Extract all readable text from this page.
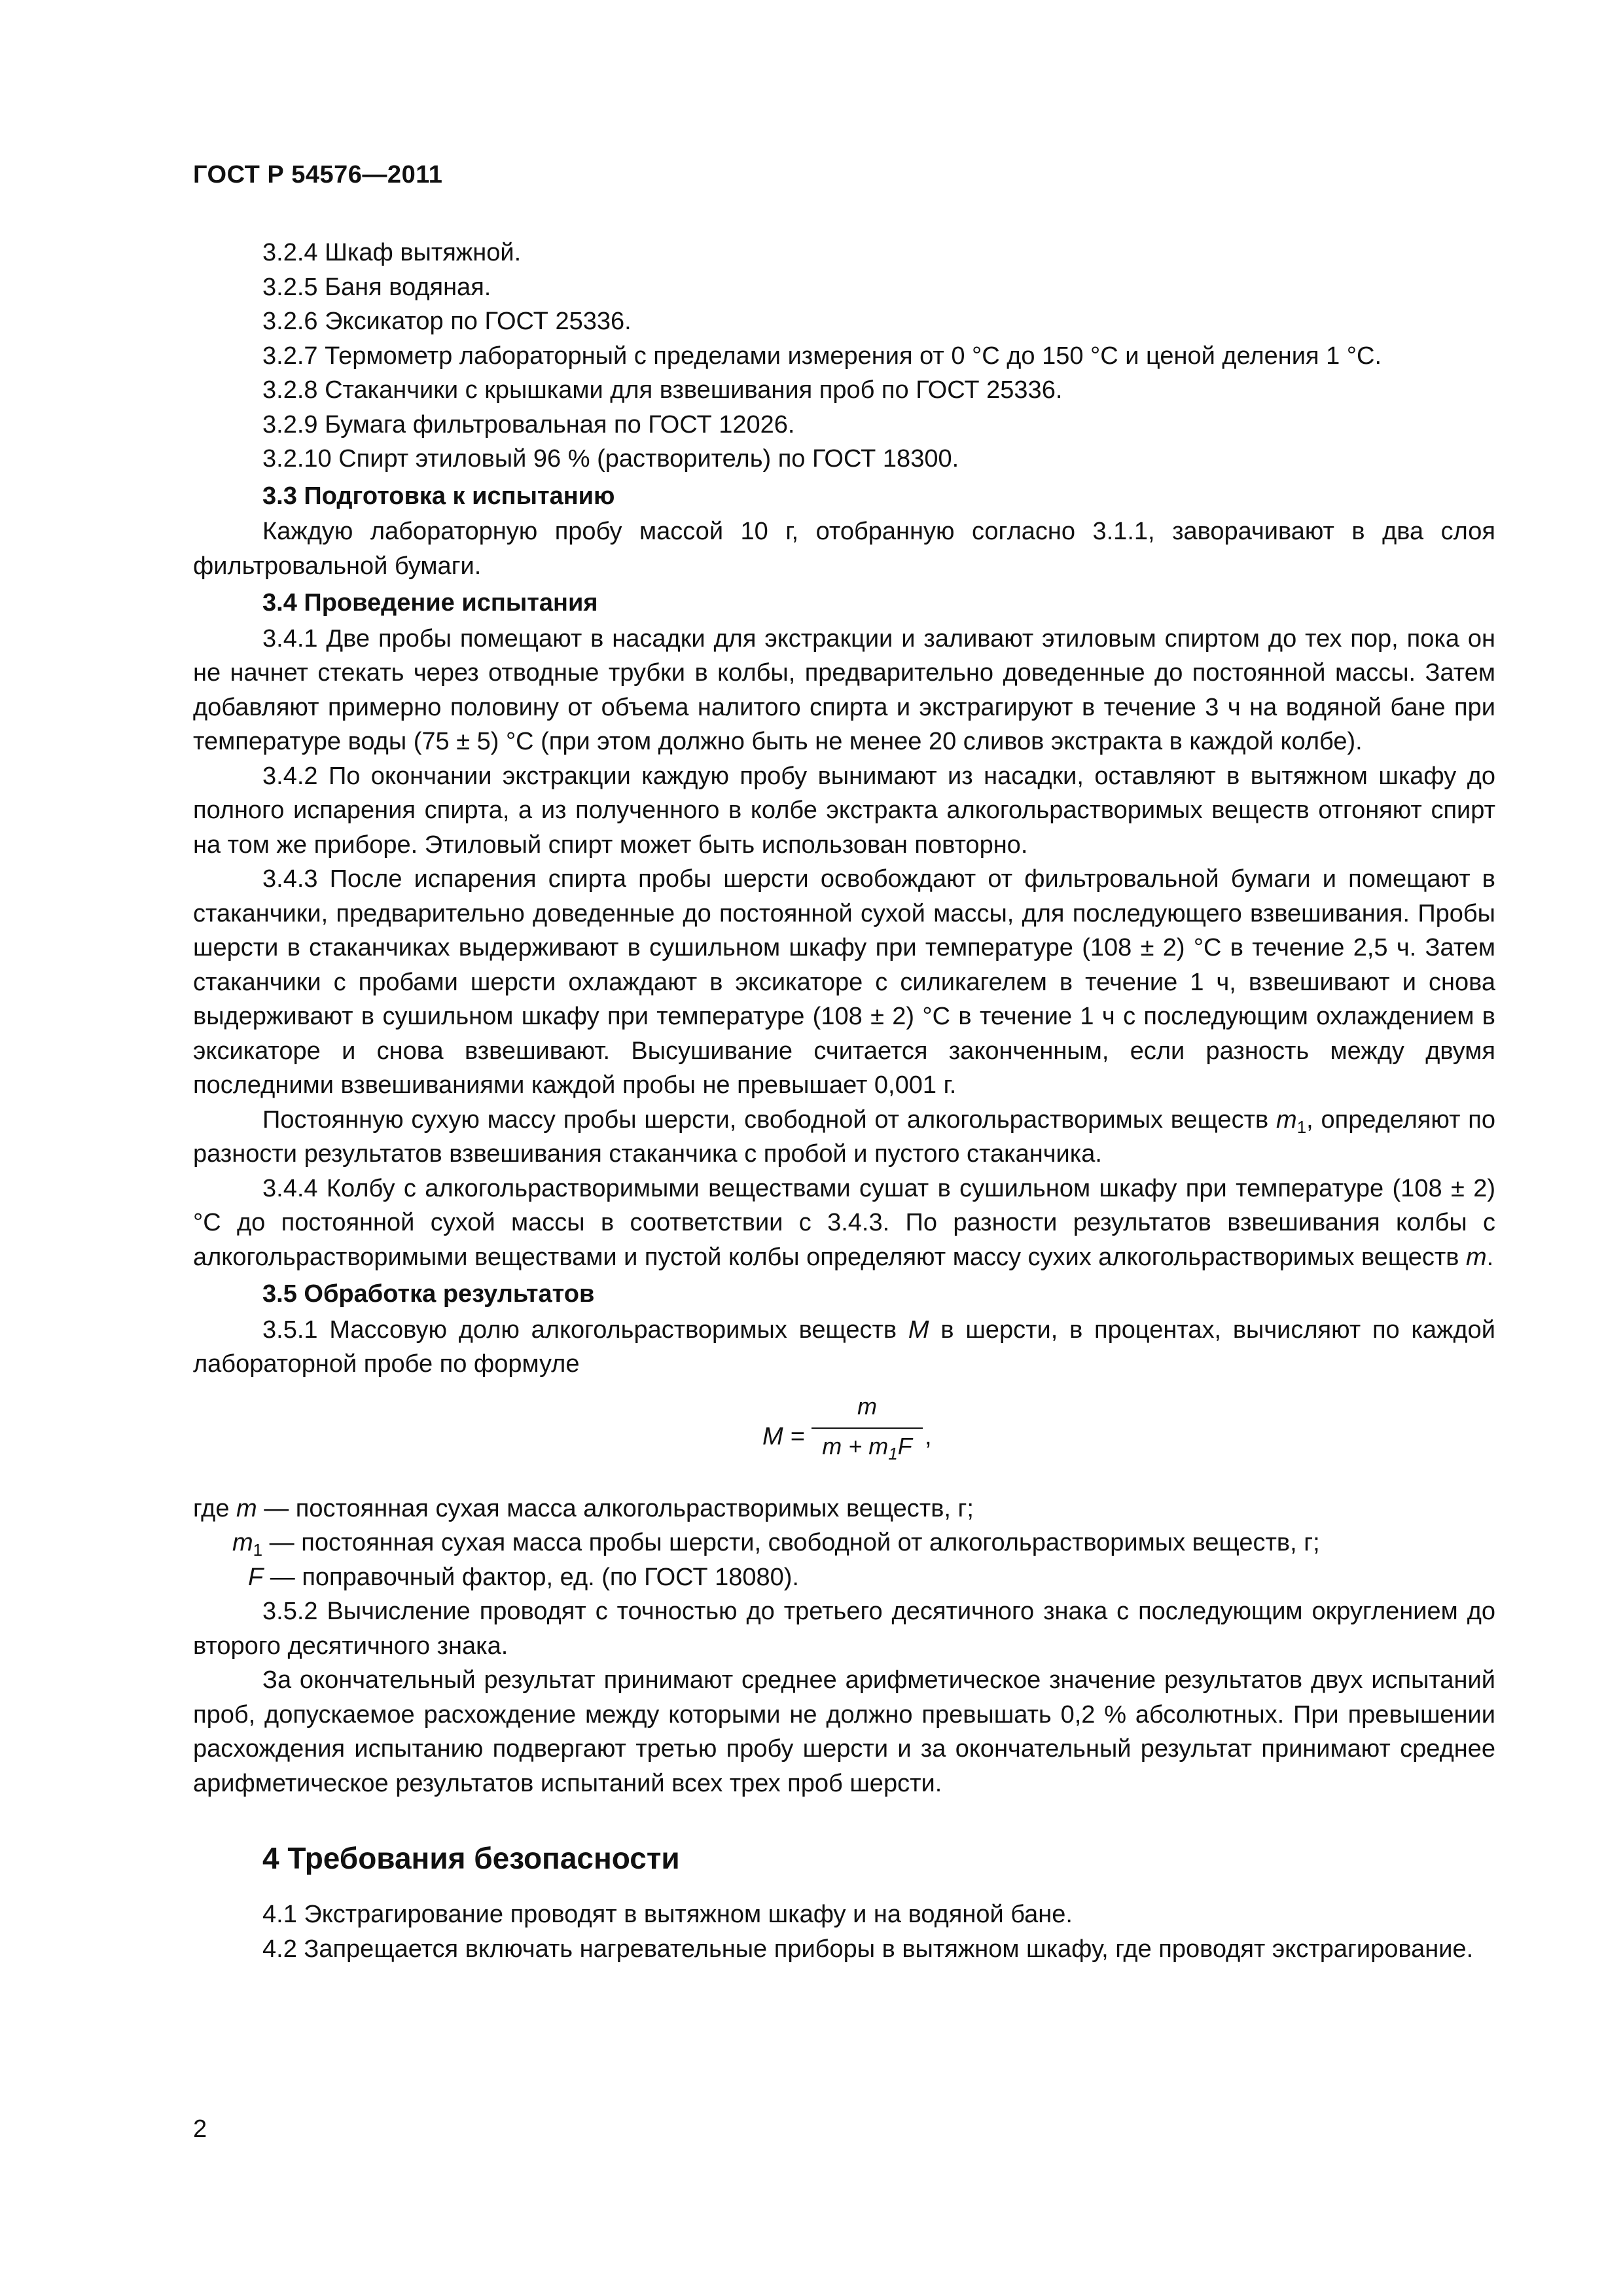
ГОСТ Р 54576—2011

3.2.4 Шкаф вытяжной.

3.2.5 Баня водяная.

3.2.6 Эксикатор по ГОСТ 25336.

3.2.7 Термометр лабораторный с пределами измерения от 0 °С до 150 °С и ценой деления 1 °С.

3.2.8 Стаканчики с крышками для взвешивания проб по ГОСТ 25336.

3.2.9 Бумага фильтровальная по ГОСТ 12026.

3.2.10 Спирт этиловый 96 % (растворитель) по ГОСТ 18300.

3.3 Подготовка к испытанию

Каждую лабораторную пробу массой 10 г, отобранную согласно 3.1.1, заворачивают в два слоя фильтровальной бумаги.

3.4 Проведение испытания

3.4.1 Две пробы помещают в насадки для экстракции и заливают этиловым спиртом до тех пор, пока он не начнет стекать через отводные трубки в колбы, предварительно доведенные до постоянной массы. Затем добавляют примерно половину от объема налитого спирта и экстрагируют в течение 3 ч на водяной бане при температуре воды (75 ± 5) °С (при этом должно быть не менее 20 сливов экстракта в каждой колбе).

3.4.2 По окончании экстракции каждую пробу вынимают из насадки, оставляют в вытяжном шкафу до полного испарения спирта, а из полученного в колбе экстракта алкогольрастворимых веществ отгоняют спирт на том же приборе. Этиловый спирт может быть использован повторно.

3.4.3 После испарения спирта пробы шерсти освобождают от фильтровальной бумаги и помещают в стаканчики, предварительно доведенные до постоянной сухой массы, для последующего взвешивания. Пробы шерсти в стаканчиках выдерживают в сушильном шкафу при температуре (108 ± 2) °С в течение 2,5 ч. Затем стаканчики с пробами шерсти охлаждают в эксикаторе с силикагелем в течение 1 ч, взвешивают и снова выдерживают в сушильном шкафу при температуре (108 ± 2) °С в течение 1 ч с последующим охлаждением в эксикаторе и снова взвешивают. Высушивание считается законченным, если разность между двумя последними взвешиваниями каждой пробы не превышает 0,001 г.

Постоянную сухую массу пробы шерсти, свободной от алкогольрастворимых веществ $m_1$, определяют по разности результатов взвешивания стаканчика с пробой и пустого стаканчика.

3.4.4 Колбу с алкогольрастворимыми веществами сушат в сушильном шкафу при температуре (108 ± 2) °С до постоянной сухой массы в соответствии с 3.4.3. По разности результатов взвешивания колбы с алкогольрастворимыми веществами и пустой колбы определяют массу сухих алкогольрастворимых веществ m.

3.5 Обработка результатов

3.5.1 Массовую долю алкогольрастворимых веществ M в шерсти, в процентах, вычисляют по каждой лабораторной пробе по формуле

M =
m
$m + m_1F$ ,

где m — постоянная сухая масса алкогольрастворимых веществ, г;

$m_1$ — постоянная сухая масса пробы шерсти, свободной от алкогольрастворимых веществ, г;

F — поправочный фактор, ед. (по ГОСТ 18080).

3.5.2 Вычисление проводят с точностью до третьего десятичного знака с последующим округлением до второго десятичного знака.

За окончательный результат принимают среднее арифметическое значение результатов двух испытаний проб, допускаемое расхождение между которыми не должно превышать 0,2 % абсолютных. При превышении расхождения испытанию подвергают третью пробу шерсти и за окончательный результат принимают среднее арифметическое результатов испытаний всех трех проб шерсти.

4 Требования безопасности

4.1 Экстрагирование проводят в вытяжном шкафу и на водяной бане.

4.2 Запрещается включать нагревательные приборы в вытяжном шкафу, где проводят экстрагирование.

2
